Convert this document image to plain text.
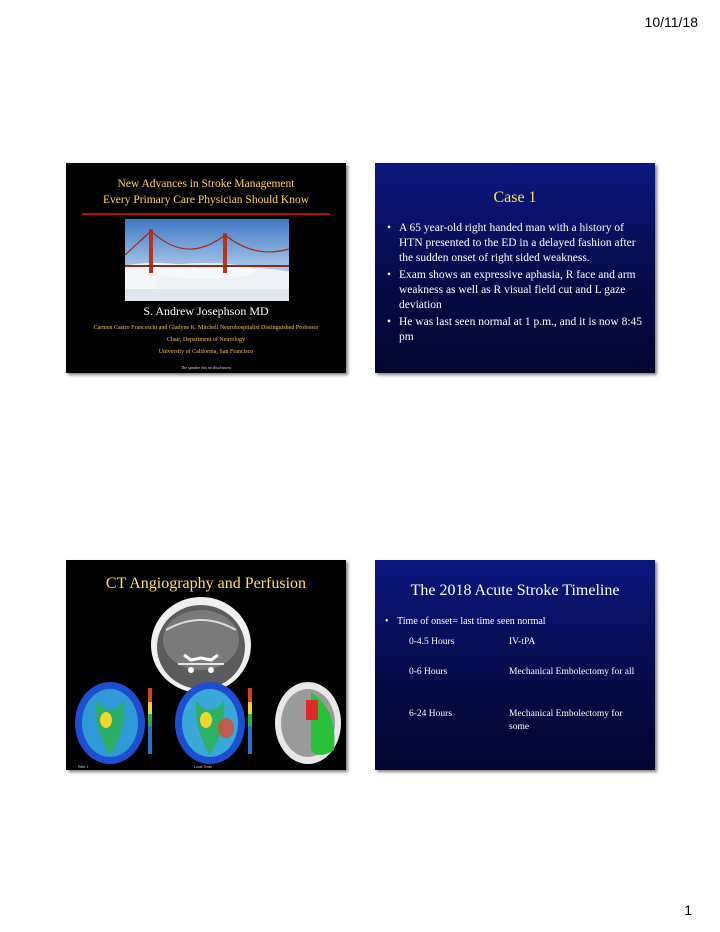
10/11/18
New Advances in Stroke Management
Every Primary Care Physician Should Know
S. Andrew Josephson MD
Carmen Castro Franceschi and Gladyne K. Mitchell Neurohospitalist Distinguished Professor
Chair, Department of Neurology
University of California, San Francisco
The speaker has no disclosures
Case 1
• A 65 year-old right handed man with a history of HTN presented to the ED in a delayed fashion after the sudden onset of right sided weakness.
• Exam shows an expressive aphasia, R face and arm weakness as well as R visual field cut and L gaze deviation
• He was last seen normal at 1 p.m., and it is now 8:45 pm
CT Angiography and Perfusion
Rate 1	Local Tmax
The 2018 Acute Stroke Timeline
• Time of onset= last time seen normal
0-4.5 Hours	IV-tPA
0-6 Hours	Mechanical Embolectomy for all
6-24 Hours	Mechanical Embolectomy for some
1
